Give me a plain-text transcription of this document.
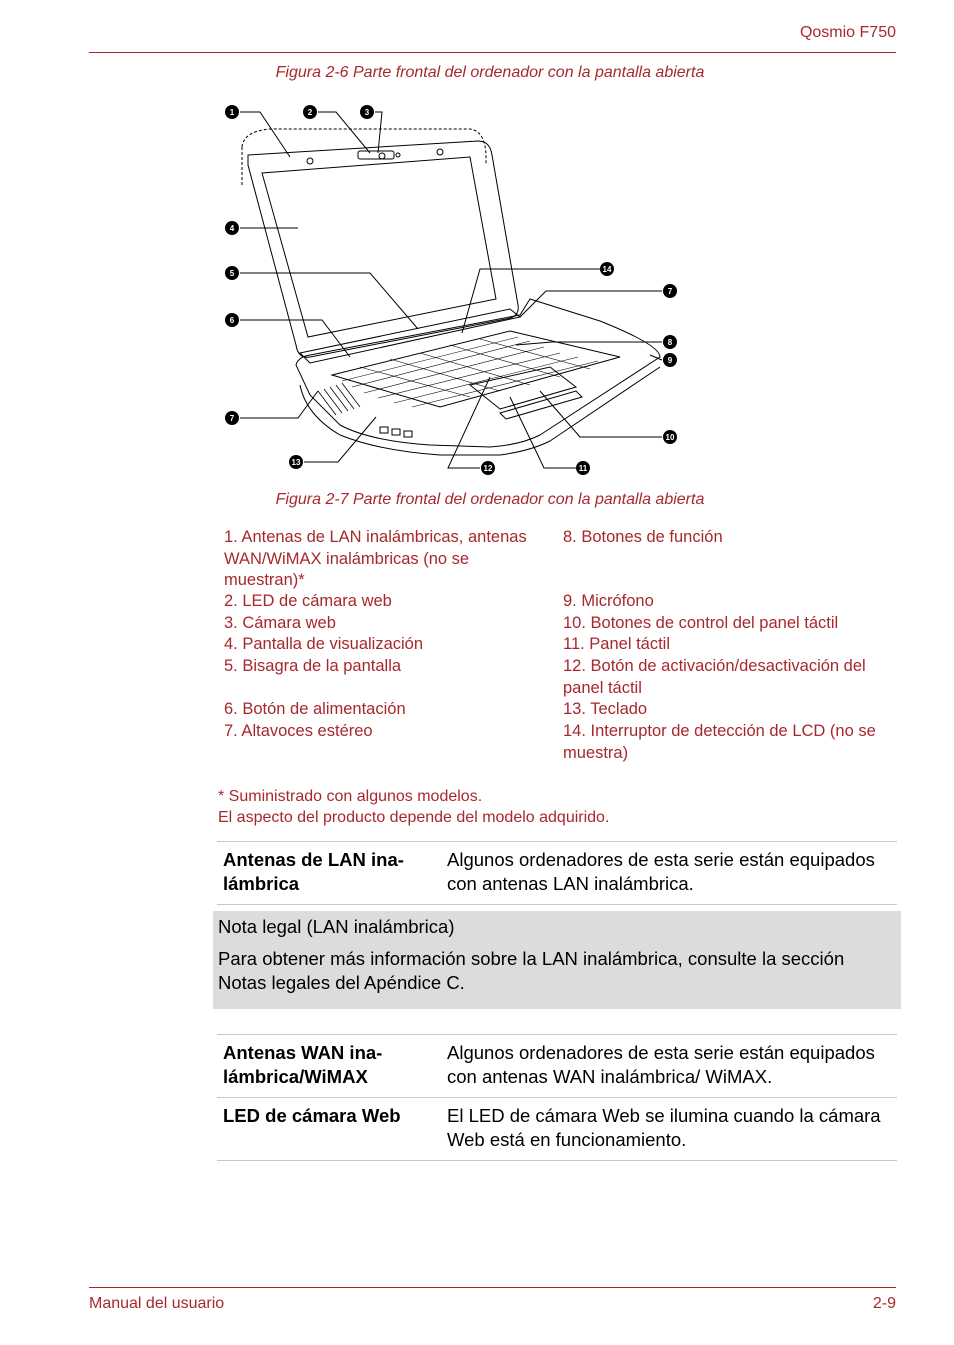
Qosmio F750
Figura 2-6 Parte frontal del ordenador con la pantalla abierta
1	2	3
4
5
6
7
14
7
8
9
10
11
12
13
Figura 2-7 Parte frontal del ordenador con la pantalla abierta
1. Antenas de LAN inalámbricas, antenas WAN/WiMAX inalámbricas (no se muestran)*
2. LED de cámara web
3. Cámara web
4. Pantalla de visualización
5. Bisagra de la pantalla
6. Botón de alimentación
7. Altavoces estéreo
8. Botones de función
9. Micrófono
10. Botones de control del panel táctil
11. Panel táctil
12. Botón de activación/desactivación del panel táctil
13. Teclado
14. Interruptor de detección de LCD (no se muestra)
* Suministrado con algunos modelos.
El aspecto del producto depende del modelo adquirido.
Antenas de LAN ina-lámbrica	Algunos ordenadores de esta serie están equipados con antenas LAN inalámbrica.
Nota legal (LAN inalámbrica)
Para obtener más información sobre la LAN inalámbrica, consulte la sección Notas legales del Apéndice C.
Antenas WAN ina-lámbrica/WiMAX	Algunos ordenadores de esta serie están equipados con antenas WAN inalámbrica/ WiMAX.
LED de cámara Web	El LED de cámara Web se ilumina cuando la cámara Web está en funcionamiento.
Manual del usuario	2-9
